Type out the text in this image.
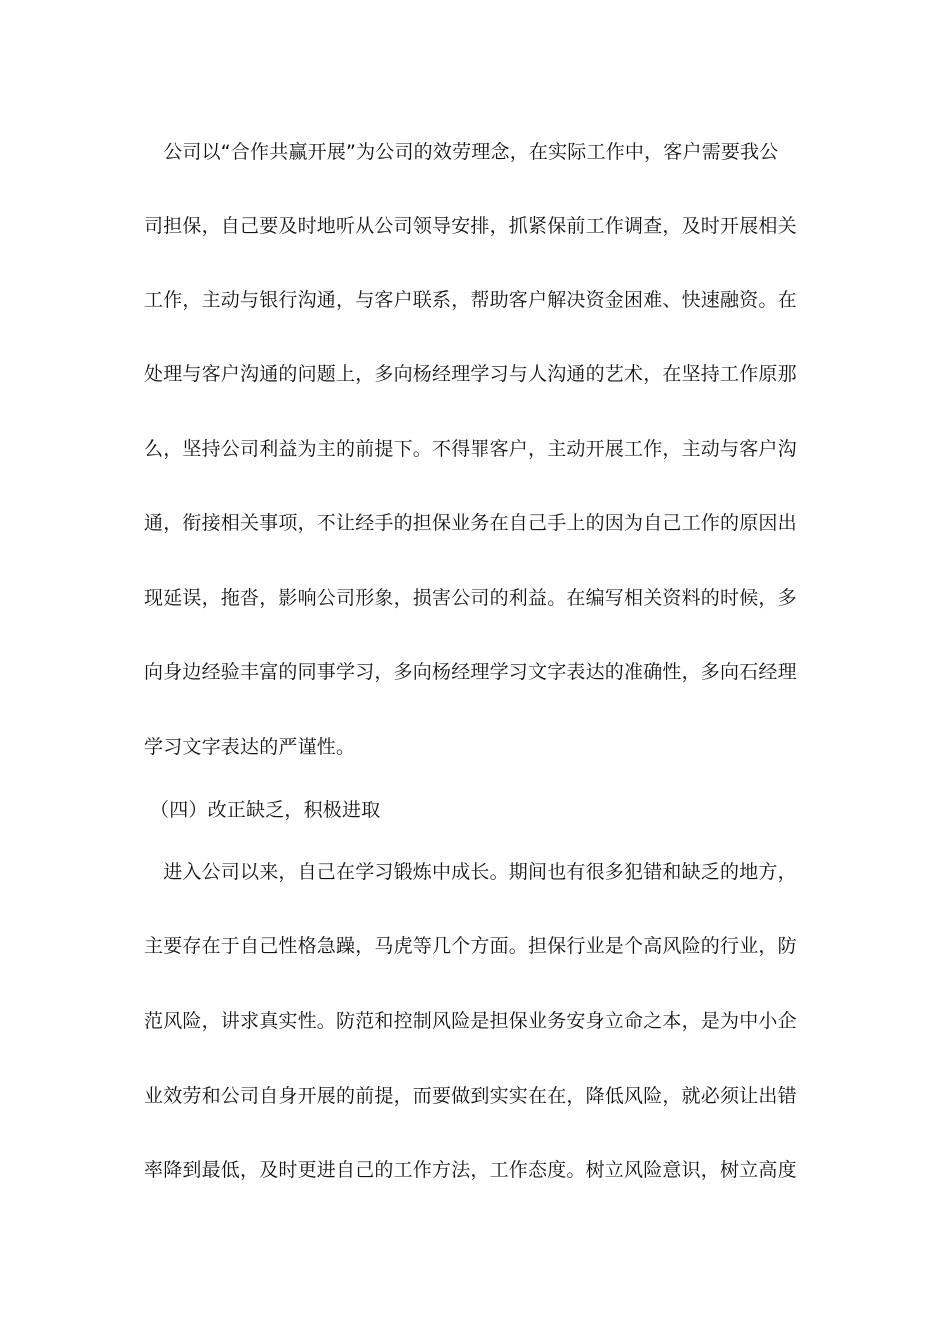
　公司以“合作共赢开展”为公司的效劳理念，在实际工作中，客户需要我公
司担保，自己要及时地听从公司领导安排，抓紧保前工作调查，及时开展相关
工作，主动与银行沟通，与客户联系，帮助客户解决资金困难、快速融资。在
处理与客户沟通的问题上，多向杨经理学习与人沟通的艺术，在坚持工作原那
么，坚持公司利益为主的前提下。不得罪客户，主动开展工作，主动与客户沟
通，衔接相关事项，不让经手的担保业务在自己手上的因为自己工作的原因出
现延误，拖沓，影响公司形象，损害公司的利益。在编写相关资料的时候，多
向身边经验丰富的同事学习，多向杨经理学习文字表达的准确性，多向石经理
学习文字表达的严谨性。
（四）改正缺乏，积极进取
　进入公司以来，自己在学习锻炼中成长。期间也有很多犯错和缺乏的地方，
主要存在于自己性格急躁，马虎等几个方面。担保行业是个高风险的行业，防
范风险，讲求真实性。防范和控制风险是担保业务安身立命之本，是为中小企
业效劳和公司自身开展的前提，而要做到实实在在，降低风险，就必须让出错
率降到最低，及时更进自己的工作方法，工作态度。树立风险意识，树立高度
